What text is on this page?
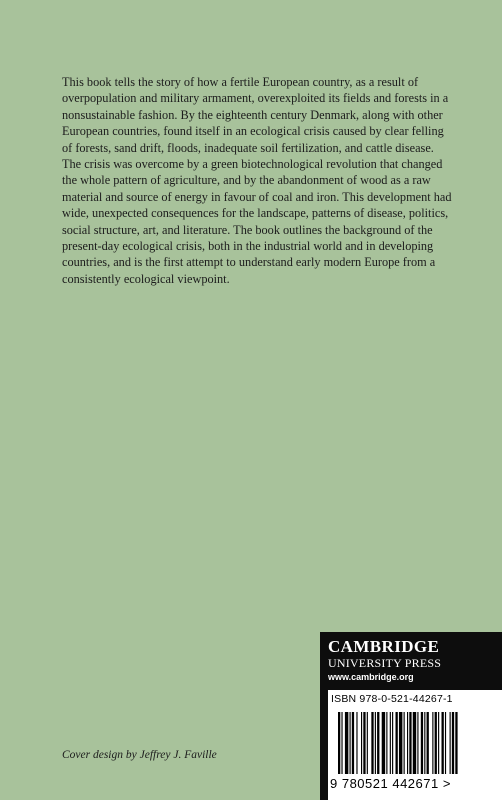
This book tells the story of how a fertile European country, as a result of overpopulation and military armament, overexploited its fields and forests in a nonsustainable fashion. By the eighteenth century Denmark, along with other European countries, found itself in an ecological crisis caused by clear felling of forests, sand drift, floods, inadequate soil fertilization, and cattle disease. The crisis was overcome by a green biotechnological revolution that changed the whole pattern of agriculture, and by the abandonment of wood as a raw material and source of energy in favour of coal and iron. This development had wide, unexpected consequences for the landscape, patterns of disease, politics, social structure, art, and literature. The book outlines the background of the present-day ecological crisis, both in the industrial world and in developing countries, and is the first attempt to understand early modern Europe from a consistently ecological viewpoint.

Cover design by Jeffrey J. Faville

CAMBRIDGE

UNIVERSITY PRESS

www.cambridge.org

ISBN 978-0-521-44267-1

9 780521 442671 >
